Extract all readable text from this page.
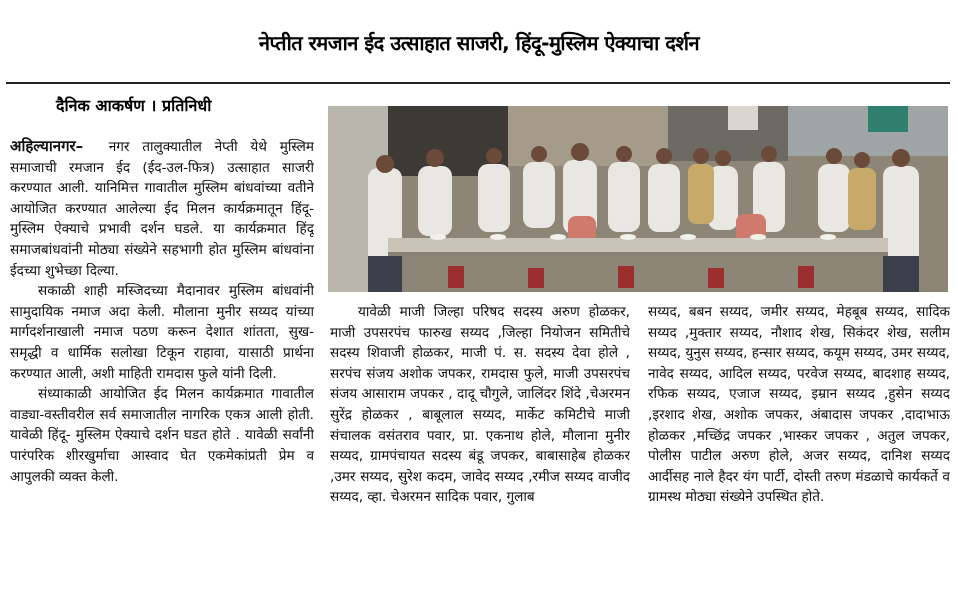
नेप्तीत रमजान ईद उत्साहात साजरी, हिंदू-मुस्लिम ऐक्याचा दर्शन
दैनिक आकर्षण । प्रतिनिधी

अहिल्यानगर– नगर तालुक्यातील नेप्ती येथे मुस्लिम समाजाची रमजान ईद (ईद-उल-फित्र) उत्साहात साजरी करण्यात आली. यानिमित्त गावातील मुस्लिम बांधवांच्या वतीने आयोजित करण्यात आलेल्या ईद मिलन कार्यक्रमातून हिंदू-मुस्लिम ऐक्याचे प्रभावी दर्शन घडले. या कार्यक्रमात हिंदू समाजबांधवांनी मोठ्या संख्येने सहभागी होत मुस्लिम बांधवांना ईदच्या शुभेच्छा दिल्या.

सकाळी शाही मस्जिदच्या मैदानावर मुस्लिम बांधवांनी सामुदायिक नमाज अदा केली. मौलाना मुनीर सय्यद यांच्या मार्गदर्शनाखाली नमाज पठण करून देशात शांतता, सुख-समृद्धी व धार्मिक सलोखा टिकून राहावा, यासाठी प्रार्थना करण्यात आली, अशी माहिती रामदास फुले यांनी दिली.

संध्याकाळी आयोजित ईद मिलन कार्यक्रमात गावातील वाड्या-वस्तीवरील सर्व समाजातील नागरिक एकत्र आली होती. यावेळी हिंदू- मुस्लिम ऐक्याचे दर्शन घडत होते . यावेळी सर्वांनी पारंपरिक शीरखुर्माचा आस्वाद घेत एकमेकांप्रती प्रेम व आपुलकी व्यक्त केली.

यावेळी माजी जिल्हा परिषद सदस्य अरुण होळकर, माजी उपसरपंच फारुख सय्यद ,जिल्हा नियोजन समितीचे सदस्य शिवाजी होळकर, माजी पं. स. सदस्य देवा होले , सरपंच संजय अशोक जपकर, रामदास फुले, माजी उपसरपंच संजय आसाराम जपकर , दादू चौगुले, जालिंदर शिंदे ,चेअरमन सुरेंद्र होळकर , बाबूलाल सय्यद, मार्केट कमिटीचे माजी संचालक वसंतराव पवार, प्रा. एकनाथ होले, मौलाना मुनीर सय्यद, ग्रामपंचायत सदस्य बंडू जपकर, बाबासाहेब होळकर ,उमर सय्यद, सुरेश कदम, जावेद सय्यद ,रमीज सय्यद वाजीद सय्यद, व्हा. चेअरमन सादिक पवार, गुलाब

सय्यद, बबन सय्यद, जमीर सय्यद, मेहबूब सय्यद, सादिक सय्यद ,मुक्तार सय्यद, नौशाद शेख, सिकंदर शेख, सलीम सय्यद, युनुस सय्यद, हन्सार सय्यद, कयूम सय्यद, उमर सय्यद, नावेद सय्यद, आदिल सय्यद, परवेज सय्यद, बादशाह सय्यद, रफिक सय्यद, एजाज सय्यद, इम्रान सय्यद ,हुसेन सय्यद ,इरशाद शेख, अशोक जपकर, अंबादास जपकर ,दादाभाऊ होळकर ,मच्छिंद्र जपकर ,भास्कर जपकर , अतुल जपकर, पोलीस पाटील अरुण होले, अजर सय्यद, दानिश सय्यद आर्दीसह नाले हैदर यंग पार्टी, दोस्ती तरुण मंडळाचे कार्यकर्ते व ग्रामस्थ मोठ्या संख्येने उपस्थित होते.
